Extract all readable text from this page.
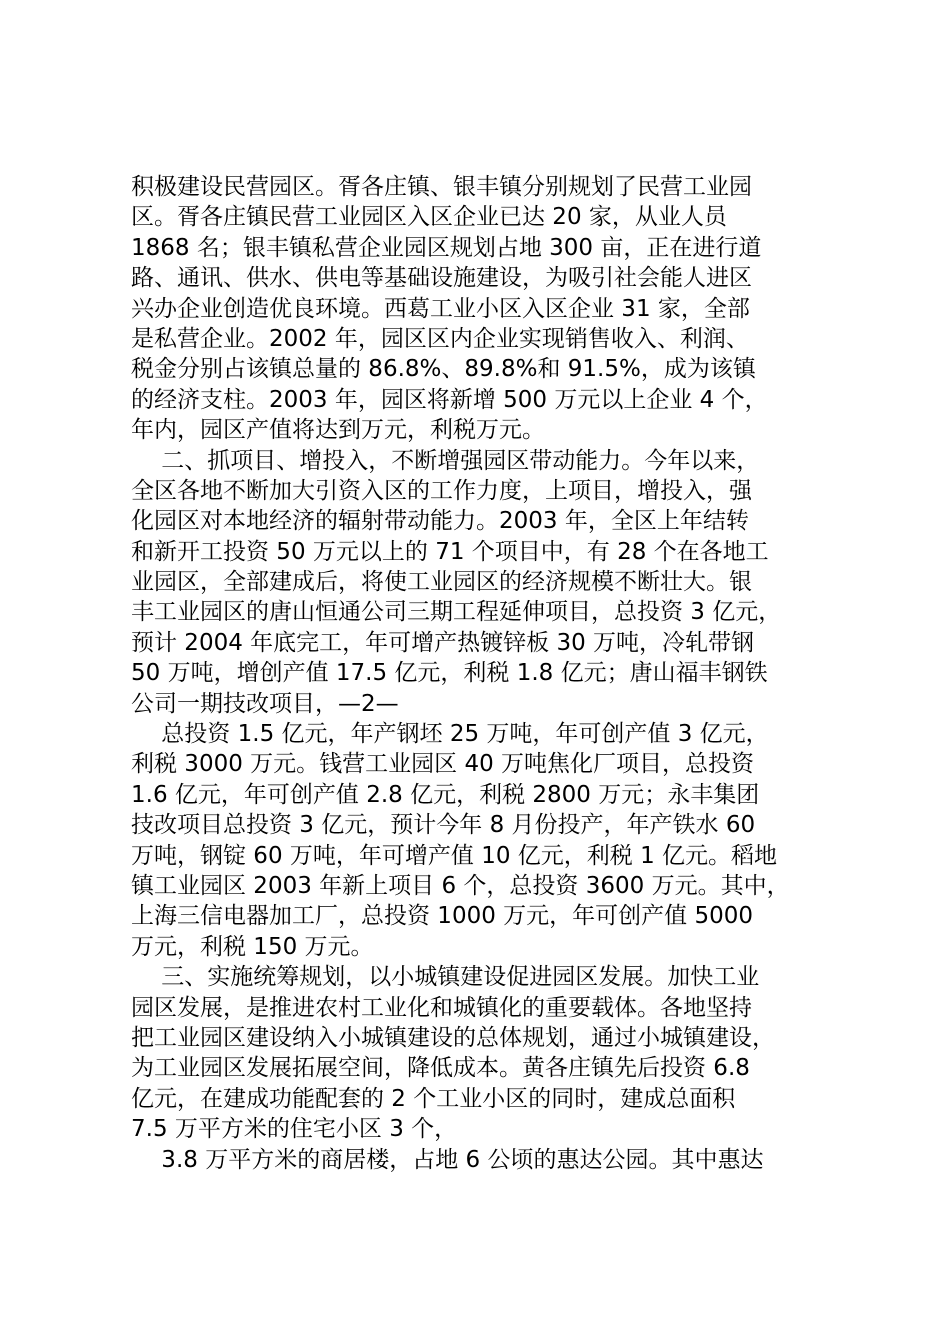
积极建设民营园区。胥各庄镇、银丰镇分别规划了民营工业园
区。胥各庄镇民营工业园区入区企业已达 20 家，从业人员
1868 名；银丰镇私营企业园区规划占地 300 亩，正在进行道
路、通讯、供水、供电等基础设施建设，为吸引社会能人进区
兴办企业创造优良环境。西葛工业小区入区企业 31 家，全部
是私营企业。2002 年，园区区内企业实现销售收入、利润、
税金分别占该镇总量的 86.8%、89.8%和 91.5%，成为该镇
的经济支柱。2003 年，园区将新增 500 万元以上企业 4 个，
年内，园区产值将达到万元，利税万元。
　 二、抓项目、增投入，不断增强园区带动能力。今年以来，
全区各地不断加大引资入区的工作力度，上项目，增投入，强
化园区对本地经济的辐射带动能力。2003 年，全区上年结转
和新开工投资 50 万元以上的 71 个项目中，有 28 个在各地工
业园区，全部建成后，将使工业园区的经济规模不断壮大。银
丰工业园区的唐山恒通公司三期工程延伸项目，总投资 3 亿元，
预计 2004 年底完工，年可增产热镀锌板 30 万吨，冷轧带钢
50 万吨，增创产值 17.5 亿元，利税 1.8 亿元；唐山福丰钢铁
公司一期技改项目，—2—
　 总投资 1.5 亿元，年产钢坯 25 万吨，年可创产值 3 亿元，
利税 3000 万元。钱营工业园区 40 万吨焦化厂项目，总投资
1.6 亿元，年可创产值 2.8 亿元，利税 2800 万元；永丰集团
技改项目总投资 3 亿元，预计今年 8 月份投产，年产铁水 60
万吨，钢锭 60 万吨，年可增产值 10 亿元，利税 1 亿元。稻地
镇工业园区 2003 年新上项目 6 个，总投资 3600 万元。其中，
上海三信电器加工厂，总投资 1000 万元，年可创产值 5000
万元，利税 150 万元。
　 三、实施统筹规划，以小城镇建设促进园区发展。加快工业
园区发展，是推进农村工业化和城镇化的重要载体。各地坚持
把工业园区建设纳入小城镇建设的总体规划，通过小城镇建设，
为工业园区发展拓展空间，降低成本。黄各庄镇先后投资 6.8
亿元，在建成功能配套的 2 个工业小区的同时，建成总面积
7.5 万平方米的住宅小区 3 个，
　 3.8 万平方米的商居楼，占地 6 公顷的惠达公园。其中惠达
